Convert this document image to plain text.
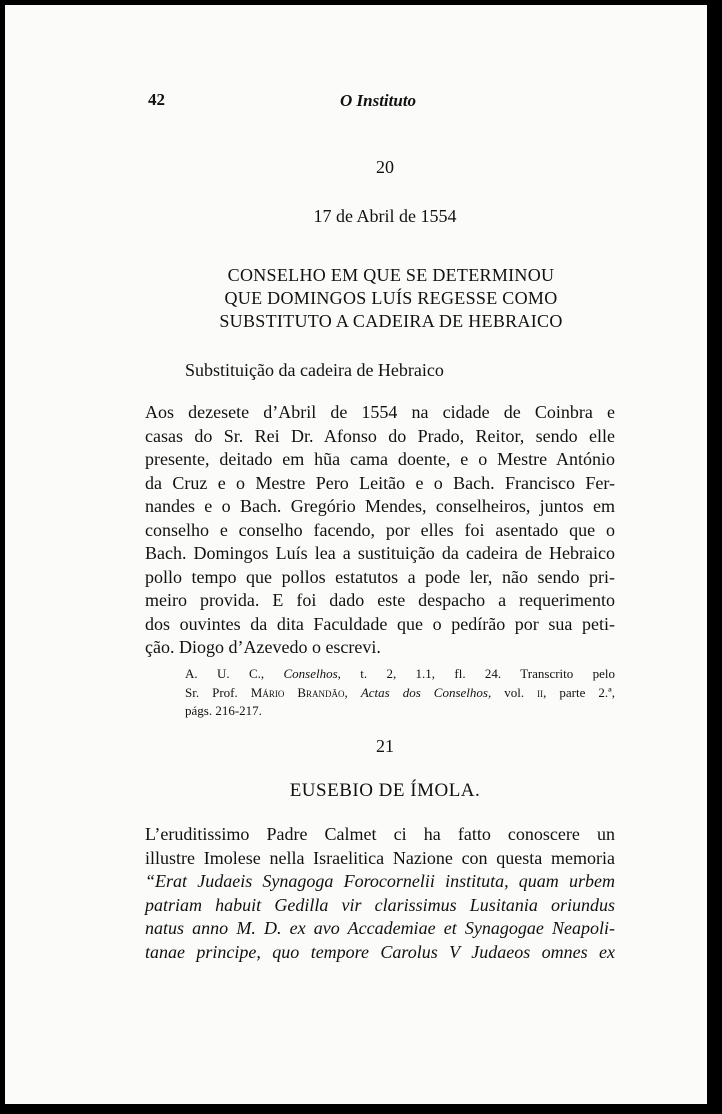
42	O Instituto
20
17 de Abril de 1554
CONSELHO EM QUE SE DETERMINOU
QUE DOMINGOS LUÍS REGESSE COMO
SUBSTITUTO A CADEIRA DE HEBRAICO
Substituição da cadeira de Hebraico
Aos dezesete d’Abril de 1554 na cidade de Coinbra e
casas do Sr. Rei Dr. Afonso do Prado, Reitor, sendo elle
presente, deitado em hũa cama doente, e o Mestre António
da Cruz e o Mestre Pero Leitão e o Bach. Francisco Fer-
nandes e o Bach. Gregório Mendes, conselheiros, juntos em
conselho e conselho facendo, por elles foi asentado que o
Bach. Domingos Luís lea a sustituição da cadeira de Hebraico
pollo tempo que pollos estatutos a pode ler, não sendo pri-
meiro provida. E foi dado este despacho a requerimento
dos ouvintes da dita Faculdade que o pedírão por sua peti-
ção. Diogo d’Azevedo o escrevi.
A. U. C., Conselhos, t. 2, 1.1, fl. 24. Transcrito pelo
Sr. Prof. Mário Brandão, Actas dos Conselhos, vol. ii, parte 2.ª,
págs. 216-217.
21
EUSEBIO DE ÍMOLA.
L’eruditissimo Padre Calmet ci ha fatto conoscere un
illustre Imolese nella Israelitica Nazione con questa memoria
“Erat Judaeis Synagoga Forocornelii instituta, quam urbem
patriam habuit Gedilla vir clarissimus Lusitania oriundus
natus anno M. D. ex avo Accademiae et Synagogae Neapoli-
tanae principe, quo tempore Carolus V Judaeos omnes ex
